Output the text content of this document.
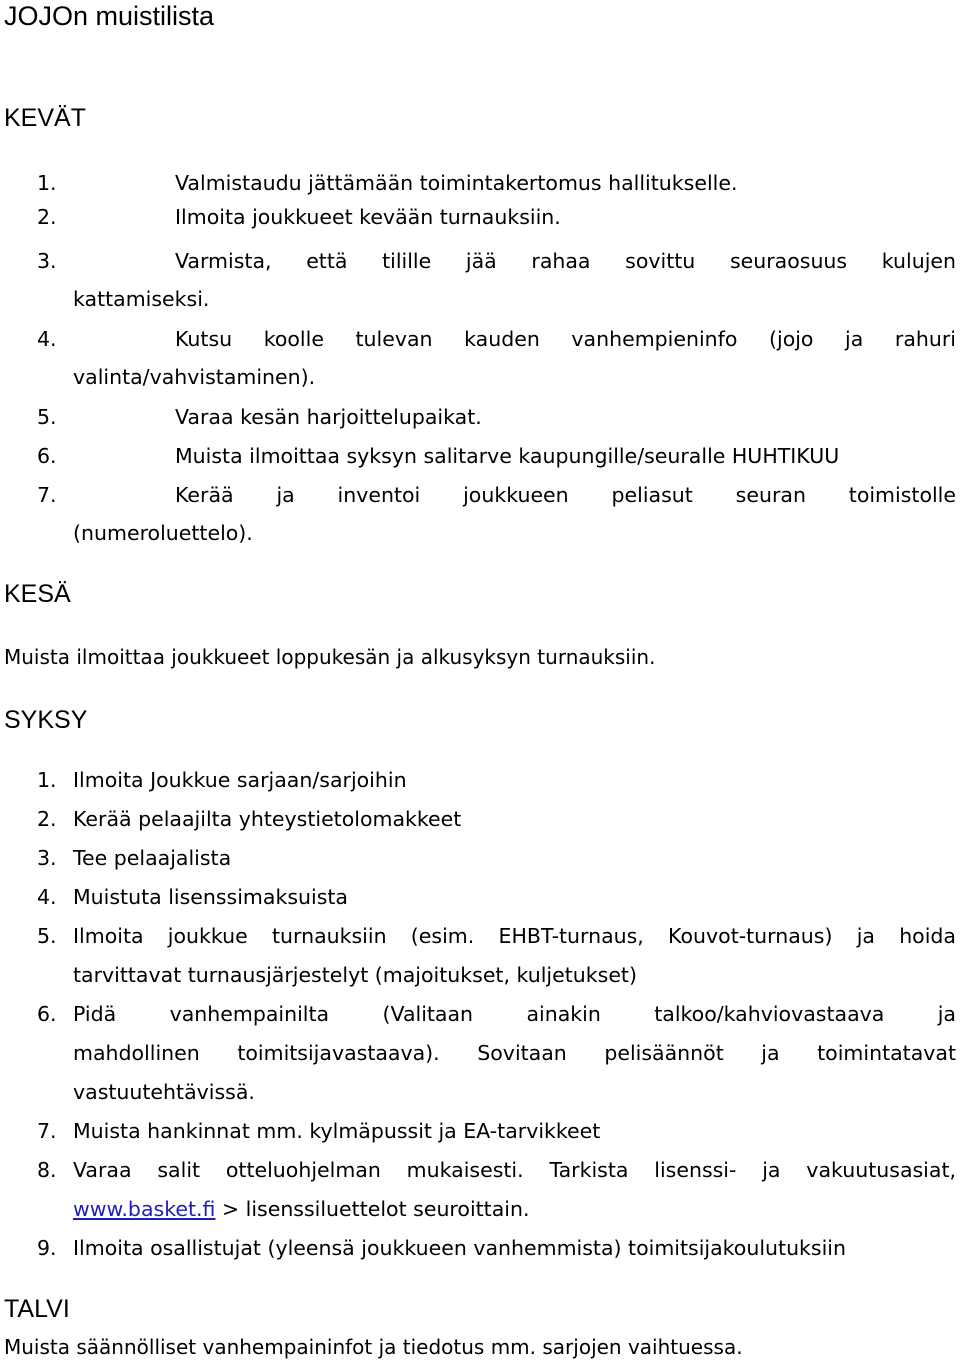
JOJOn muistilista
KEVÄT
1.	Valmistaudu jättämään toimintakertomus hallitukselle.
2.	Ilmoita joukkueet kevään turnauksiin.
3.	Varmista, että tilille jää rahaa sovittu seuraosuus kulujen
kattamiseksi.
4.	Kutsu koolle tulevan kauden vanhempieninfo (jojo ja rahuri
valinta/vahvistaminen).
5.	Varaa kesän harjoittelupaikat.
6.	Muista ilmoittaa syksyn salitarve kaupungille/seuralle HUHTIKUU
7.	Kerää ja inventoi joukkueen peliasut seuran toimistolle
(numeroluettelo).
KESÄ
Muista ilmoittaa joukkueet loppukesän ja alkusyksyn turnauksiin.
SYKSY
1. Ilmoita Joukkue sarjaan/sarjoihin
2. Kerää pelaajilta yhteystietolomakkeet
3. Tee pelaajalista
4. Muistuta lisenssimaksuista
5. Ilmoita joukkue turnauksiin (esim. EHBT-turnaus, Kouvot-turnaus) ja hoida
tarvittavat turnausjärjestelyt (majoitukset, kuljetukset)
6. Pidä vanhempainilta (Valitaan ainakin talkoo/kahviovastaava ja
mahdollinen toimitsijavastaava). Sovitaan pelisäännöt ja toimintatavat
vastuutehtävissä.
7. Muista hankinnat mm. kylmäpussit ja EA-tarvikkeet
8. Varaa salit otteluohjelman mukaisesti. Tarkista lisenssi- ja vakuutusasiat,
www.basket.fi > lisenssiluettelot seuroittain.
9. Ilmoita osallistujat (yleensä joukkueen vanhemmista) toimitsijakoulutuksiin
TALVI
Muista säännölliset vanhempaininfot ja tiedotus mm. sarjojen vaihtuessa.
